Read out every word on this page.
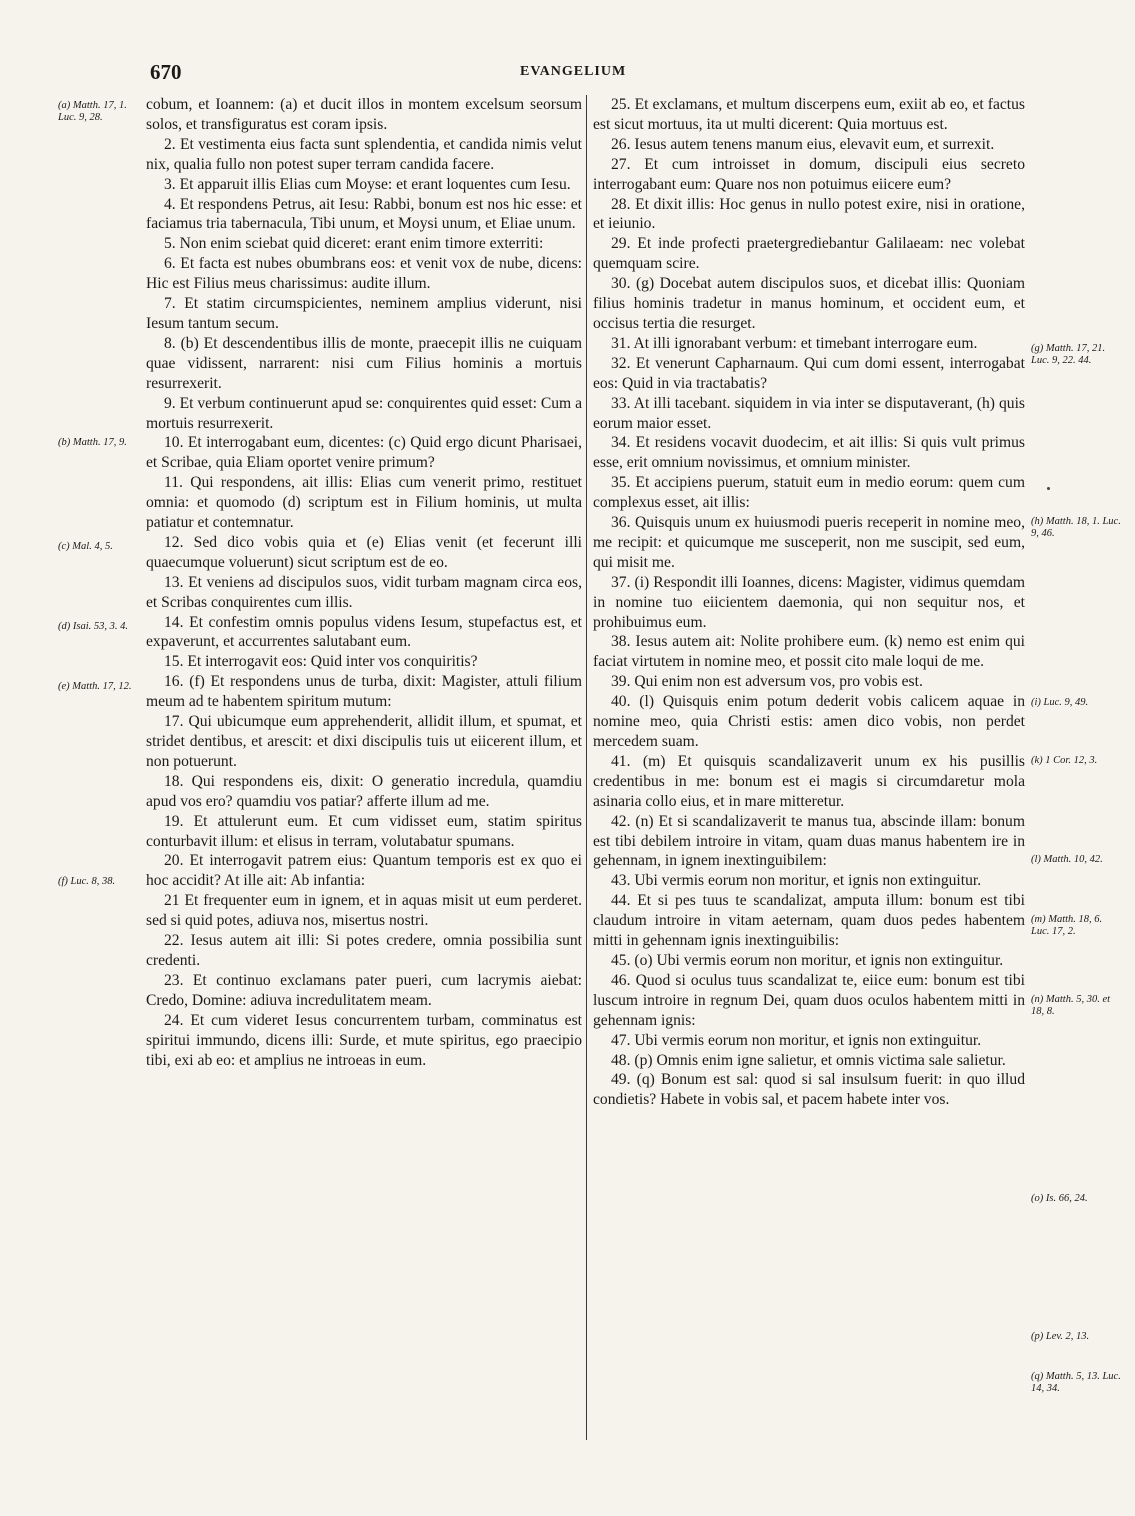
670	EVANGELIUM

cobum, et Ioannem: (a) et ducit illos in montem excelsum seorsum solos, et transfiguratus est coram ipsis.

2. Et vestimenta eius facta sunt splendentia, et candida nimis velut nix, qualia fullo non potest super terram candida facere.

3. Et apparuit illis Elias cum Moyse: et erant loquentes cum Iesu.

4. Et respondens Petrus, ait Iesu: Rabbi, bonum est nos hic esse: et faciamus tria tabernacula, Tibi unum, et Moysi unum, et Eliae unum.

5. Non enim sciebat quid diceret: erant enim timore exterriti:

6. Et facta est nubes obumbrans eos: et venit vox de nube, dicens: Hic est Filius meus charissimus: audite illum.

7. Et statim circumspicientes, neminem amplius viderunt, nisi Iesum tantum secum.

8. (b) Et descendentibus illis de monte, praecepit illis ne cuiquam quae vidissent, narrarent: nisi cum Filius hominis a mortuis resurrexerit.

9. Et verbum continuerunt apud se: conquirentes quid esset: Cum a mortuis resurrexerit.

10. Et interrogabant eum, dicentes: (c) Quid ergo dicunt Pharisaei, et Scribae, quia Eliam oportet venire primum?

11. Qui respondens, ait illis: Elias cum venerit primo, restituet omnia: et quomodo (d) scriptum est in Filium hominis, ut multa patiatur et contemnatur.

12. Sed dico vobis quia et (e) Elias venit (et fecerunt illi quaecumque voluerunt) sicut scriptum est de eo.

13. Et veniens ad discipulos suos, vidit turbam magnam circa eos, et Scribas conquirentes cum illis.

14. Et confestim omnis populus videns Iesum, stupefactus est, et expaverunt, et accurrentes salutabant eum.

15. Et interrogavit eos: Quid inter vos conquiritis?

16. (f) Et respondens unus de turba, dixit: Magister, attuli filium meum ad te habentem spiritum mutum:

17. Qui ubicumque eum apprehenderit, allidit illum, et spumat, et stridet dentibus, et arescit: et dixi discipulis tuis ut eiicerent illum, et non potuerunt.

18. Qui respondens eis, dixit: O generatio incredula, quamdiu apud vos ero? quamdiu vos patiar? afferte illum ad me.

19. Et attulerunt eum. Et cum vidisset eum, statim spiritus conturbavit illum: et elisus in terram, volutabatur spumans.

20. Et interrogavit patrem eius: Quantum temporis est ex quo ei hoc accidit? At ille ait: Ab infantia:

21 Et frequenter eum in ignem, et in aquas misit ut eum perderet. sed si quid potes, adiuva nos, misertus nostri.

22. Iesus autem ait illi: Si potes credere, omnia possibilia sunt credenti.

23. Et continuo exclamans pater pueri, cum lacrymis aiebat: Credo, Domine: adiuva incredulitatem meam.

24. Et cum videret Iesus concurrentem turbam, comminatus est spiritui immundo, dicens illi: Surde, et mute spiritus, ego praecipio tibi, exi ab eo: et amplius ne introeas in eum.

25. Et exclamans, et multum discerpens eum, exiit ab eo, et factus est sicut mortuus, ita ut multi dicerent: Quia mortuus est.

26. Iesus autem tenens manum eius, elevavit eum, et surrexit.

27. Et cum introisset in domum, discipuli eius secreto interrogabant eum: Quare nos non potuimus eiicere eum?

28. Et dixit illis: Hoc genus in nullo potest exire, nisi in oratione, et ieiunio.

29. Et inde profecti praetergrediebantur Galilaeam: nec volebat quemquam scire.

30. (g) Docebat autem discipulos suos, et dicebat illis: Quoniam filius hominis tradetur in manus hominum, et occident eum, et occisus tertia die resurget.

31. At illi ignorabant verbum: et timebant interrogare eum.

32. Et venerunt Capharnaum. Qui cum domi essent, interrogabat eos: Quid in via tractabatis?

33. At illi tacebant. siquidem in via inter se disputaverant, (h) quis eorum maior esset.

34. Et residens vocavit duodecim, et ait illis: Si quis vult primus esse, erit omnium novissimus, et omnium minister.

35. Et accipiens puerum, statuit eum in medio eorum: quem cum complexus esset, ait illis:

36. Quisquis unum ex huiusmodi pueris receperit in nomine meo, me recipit: et quicumque me susceperit, non me suscipit, sed eum, qui misit me.

37. (i) Respondit illi Ioannes, dicens: Magister, vidimus quemdam in nomine tuo eiicientem daemonia, qui non sequitur nos, et prohibuimus eum.

38. Iesus autem ait: Nolite prohibere eum. (k) nemo est enim qui faciat virtutem in nomine meo, et possit cito male loqui de me.

39. Qui enim non est adversum vos, pro vobis est.

40. (l) Quisquis enim potum dederit vobis calicem aquae in nomine meo, quia Christi estis: amen dico vobis, non perdet mercedem suam.

41. (m) Et quisquis scandalizaverit unum ex his pusillis credentibus in me: bonum est ei magis si circumdaretur mola asinaria collo eius, et in mare mitteretur.

42. (n) Et si scandalizaverit te manus tua, abscinde illam: bonum est tibi debilem introire in vitam, quam duas manus habentem ire in gehennam, in ignem inextinguibilem:

43. Ubi vermis eorum non moritur, et ignis non extinguitur.

44. Et si pes tuus te scandalizat, amputa illum: bonum est tibi claudum introire in vitam aeternam, quam duos pedes habentem mitti in gehennam ignis inextinguibilis:

45. (o) Ubi vermis eorum non moritur, et ignis non extinguitur.

46. Quod si oculus tuus scandalizat te, eiice eum: bonum est tibi luscum introire in regnum Dei, quam duos oculos habentem mitti in gehennam ignis:

47. Ubi vermis eorum non moritur, et ignis non extinguitur.

48. (p) Omnis enim igne salietur, et omnis victima sale salietur.

49. (q) Bonum est sal: quod si sal insulsum fuerit: in quo illud condietis? Habete in vobis sal, et pacem habete inter vos.

(a) Matth. 17, 1. Luc. 9, 28.
(b) Matth. 17, 9.
(c) Mal. 4, 5.
(d) Isai. 53, 3. 4.
(e) Matth. 17, 12.
(f) Luc. 8, 38.
(g) Matth. 17, 21. Luc. 9, 22. 44.
(h) Matth. 18, 1. Luc. 9, 46.
(i) Luc. 9, 49.
(k) 1 Cor. 12, 3.
(l) Matth. 10, 42.
(m) Matth. 18, 6. Luc. 17, 2.
(n) Matth. 5, 30. et 18, 8.
(o) Is. 66, 24.
(p) Lev. 2, 13.
(q) Matth. 5, 13. Luc. 14, 34.
